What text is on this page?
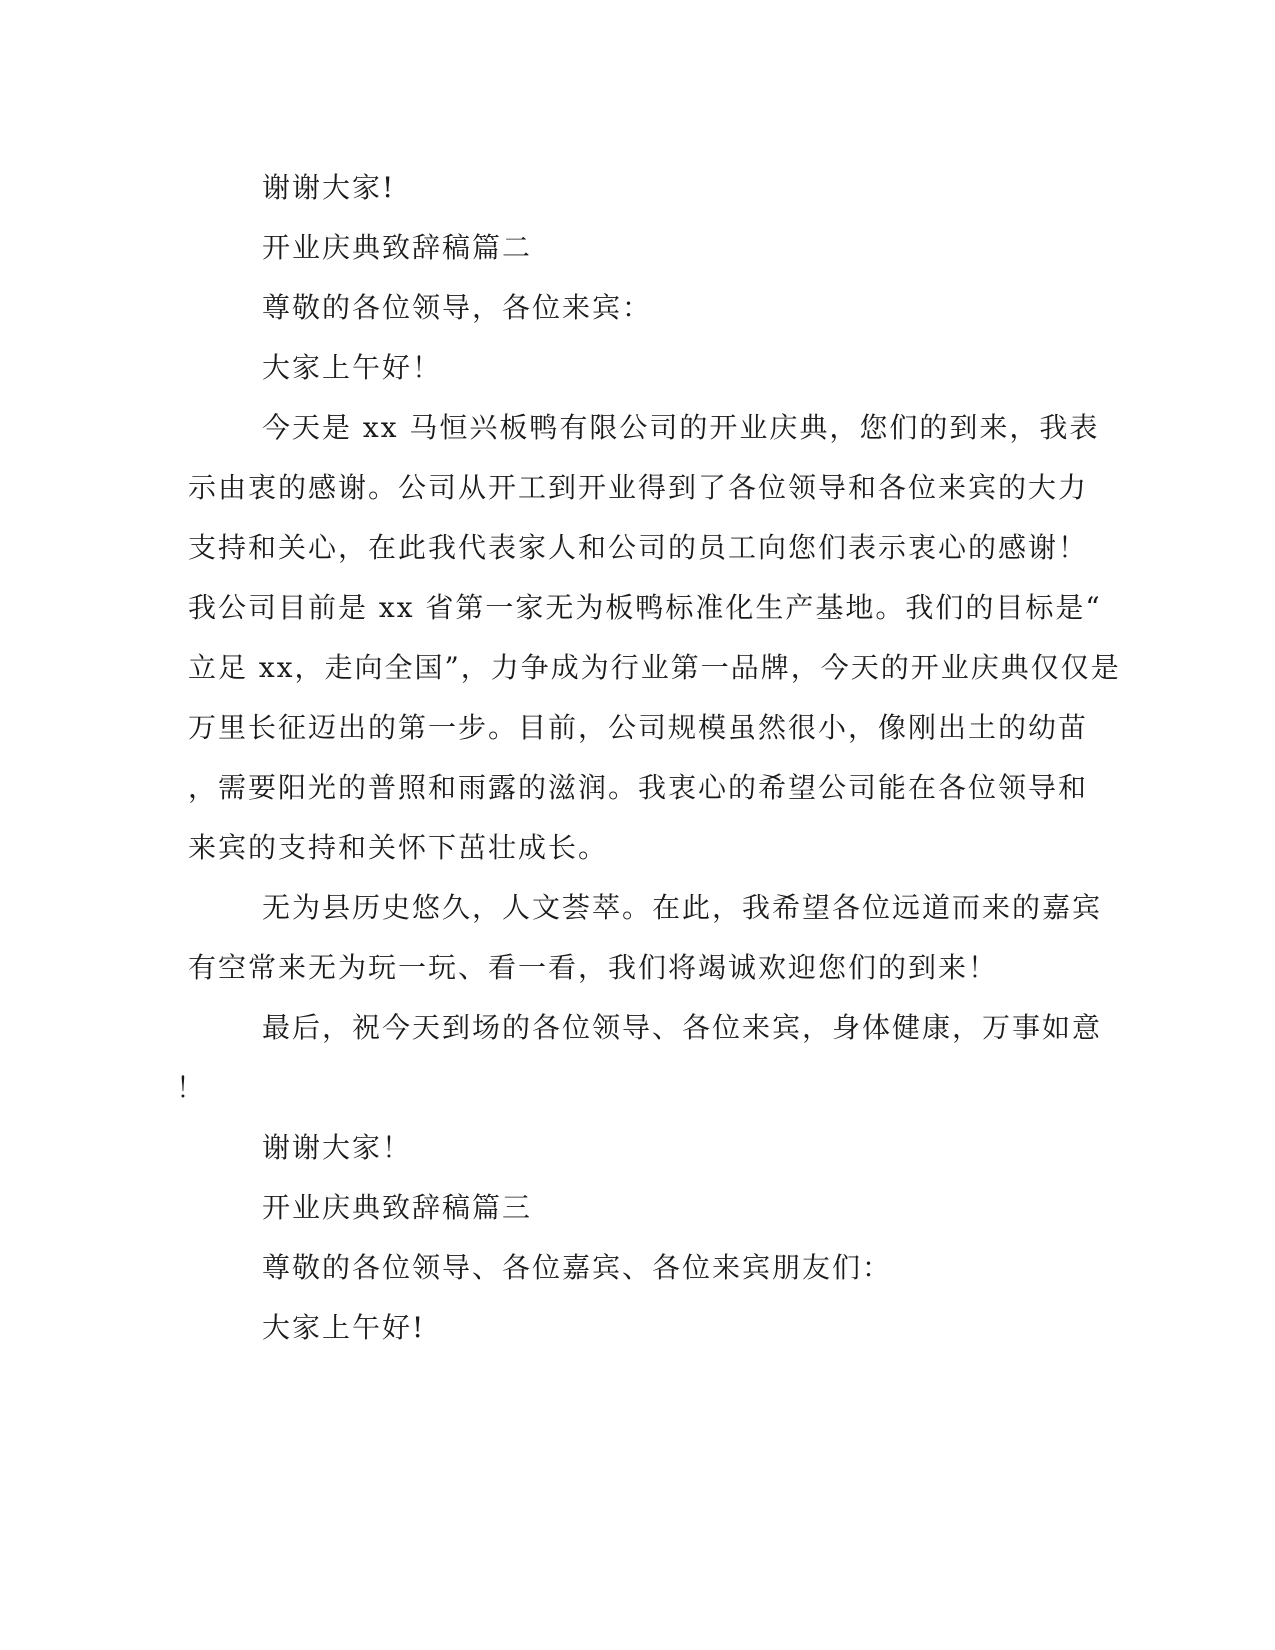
谢谢大家!
开业庆典致辞稿篇二
尊敬的各位领导，各位来宾：
大家上午好！
今天是 xx 马恒兴板鸭有限公司的开业庆典，您们的到来，我表
示由衷的感谢。公司从开工到开业得到了各位领导和各位来宾的大力
支持和关心，在此我代表家人和公司的员工向您们表示衷心的感谢！
我公司目前是 xx 省第一家无为板鸭标准化生产基地。我们的目标是“
立足 xx，走向全国”，力争成为行业第一品牌，今天的开业庆典仅仅是
万里长征迈出的第一步。目前，公司规模虽然很小，像刚出土的幼苗
，需要阳光的普照和雨露的滋润。我衷心的希望公司能在各位领导和
来宾的支持和关怀下茁壮成长。
无为县历史悠久，人文荟萃。在此，我希望各位远道而来的嘉宾
有空常来无为玩一玩、看一看，我们将竭诚欢迎您们的到来！
最后，祝今天到场的各位领导、各位来宾，身体健康，万事如意
！
谢谢大家！
开业庆典致辞稿篇三
尊敬的各位领导、各位嘉宾、各位来宾朋友们：
大家上午好!
